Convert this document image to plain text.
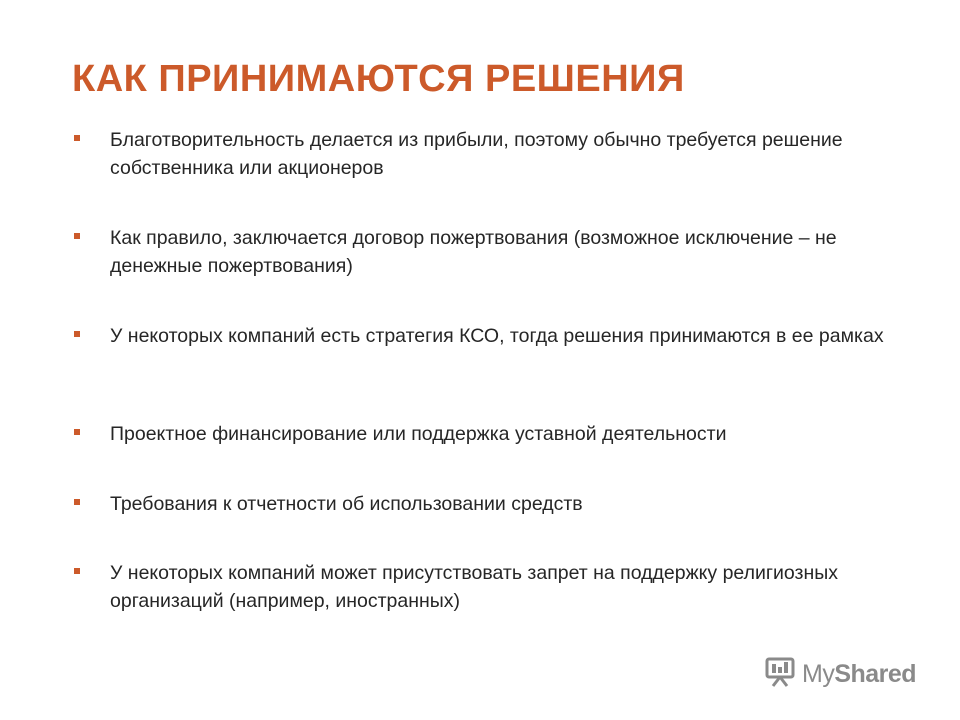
КАК ПРИНИМАЮТСЯ РЕШЕНИЯ
Благотворительность делается из прибыли, поэтому обычно требуется решение собственника или акционеров
Как правило, заключается договор пожертвования (возможное исключение – не денежные пожертвования)
У некоторых компаний есть стратегия КСО, тогда решения принимаются в ее рамках
Проектное финансирование или поддержка уставной деятельности
Требования к отчетности об использовании средств
У некоторых компаний может присутствовать запрет на поддержку религиозных организаций (например, иностранных)
MyShared
